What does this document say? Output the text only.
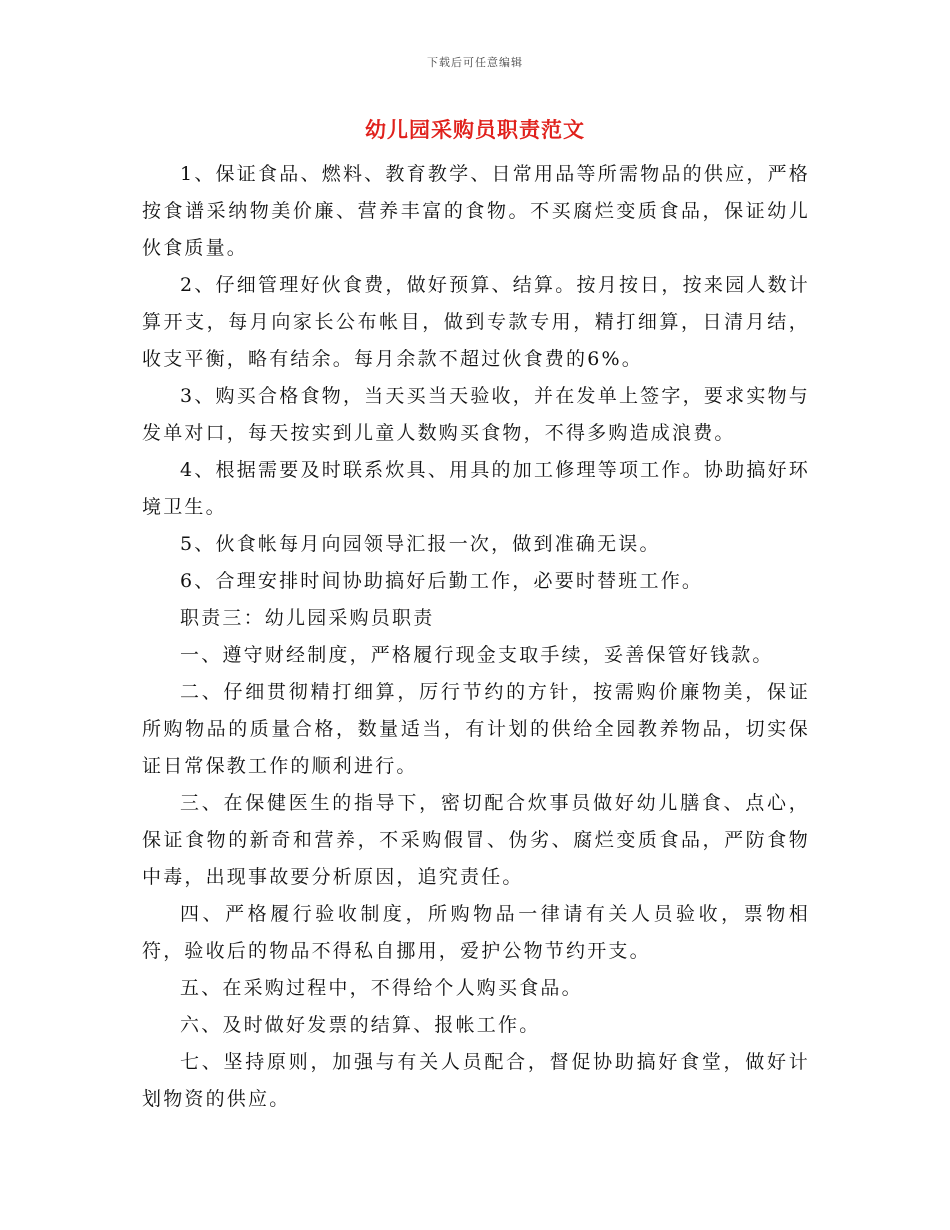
下载后可任意编辑
幼儿园采购员职责范文

1、保证食品、燃料、教育教学、日常用品等所需物品的供应，严格按食谱采纳物美价廉、营养丰富的食物。不买腐烂变质食品，保证幼儿伙食质量。

2、仔细管理好伙食费，做好预算、结算。按月按日，按来园人数计算开支，每月向家长公布帐目，做到专款专用，精打细算，日清月结，收支平衡，略有结余。每月余款不超过伙食费的6%。

3、购买合格食物，当天买当天验收，并在发单上签字，要求实物与发单对口，每天按实到儿童人数购买食物，不得多购造成浪费。

4、根据需要及时联系炊具、用具的加工修理等项工作。协助搞好环境卫生。

5、伙食帐每月向园领导汇报一次，做到准确无误。

6、合理安排时间协助搞好后勤工作，必要时替班工作。

职责三：幼儿园采购员职责

一、遵守财经制度，严格履行现金支取手续，妥善保管好钱款。

二、仔细贯彻精打细算，厉行节约的方针，按需购价廉物美，保证所购物品的质量合格，数量适当，有计划的供给全园教养物品，切实保证日常保教工作的顺利进行。

三、在保健医生的指导下，密切配合炊事员做好幼儿膳食、点心，保证食物的新奇和营养，不采购假冒、伪劣、腐烂变质食品，严防食物中毒，出现事故要分析原因，追究责任。

四、严格履行验收制度，所购物品一律请有关人员验收，票物相符，验收后的物品不得私自挪用，爱护公物节约开支。

五、在采购过程中，不得给个人购买食品。

六、及时做好发票的结算、报帐工作。

七、坚持原则，加强与有关人员配合，督促协助搞好食堂，做好计划物资的供应。
